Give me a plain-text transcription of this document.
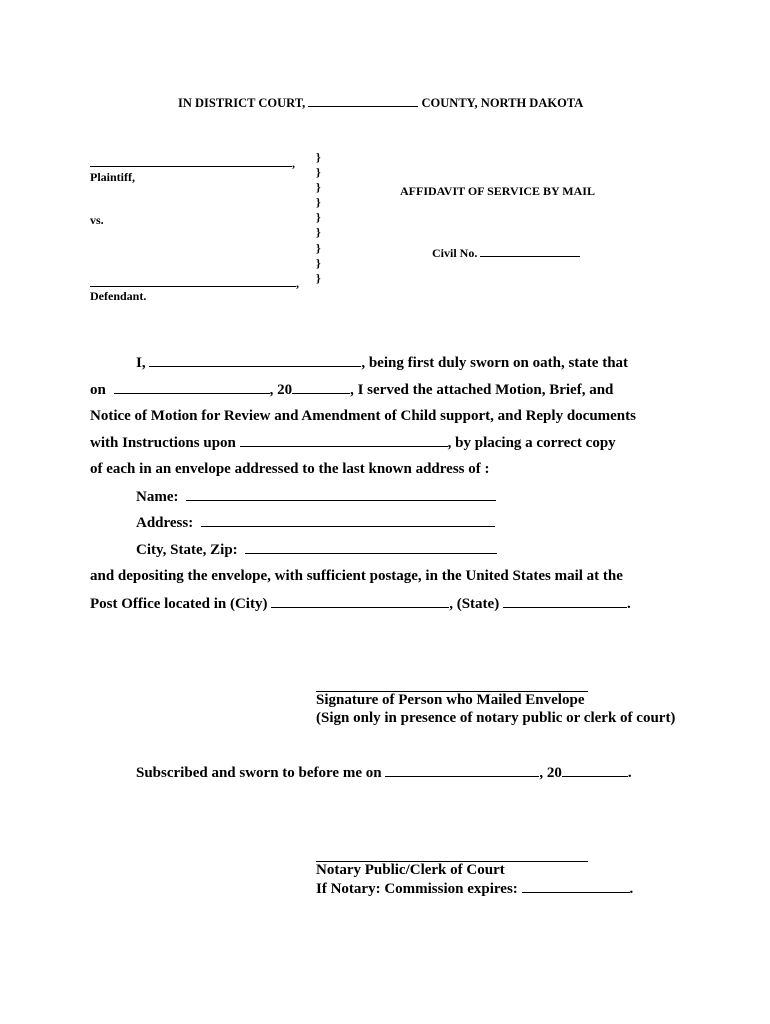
IN DISTRICT COURT,	COUNTY, NORTH DAKOTA
,
Plaintiff,
vs.
,
Defendant.
}
}
}
}
}
}
}
}
}
AFFIDAVIT OF SERVICE BY MAIL
Civil No.
I,	, being first duly sworn on oath, state that
on	, 20	, I served the attached Motion, Brief, and
Notice of Motion for Review and Amendment of Child support, and Reply documents
with Instructions upon	, by placing a correct copy
of each in an envelope addressed to the last known address of :
Name:
Address:
City, State, Zip:
and depositing the envelope, with sufficient postage, in the United States mail at the
Post Office located in (City)	, (State)	.
Signature of Person who Mailed Envelope
(Sign only in presence of notary public or clerk of court)
Subscribed and sworn to before me on	, 20	.
Notary Public/Clerk of Court
If Notary: Commission expires:	.
